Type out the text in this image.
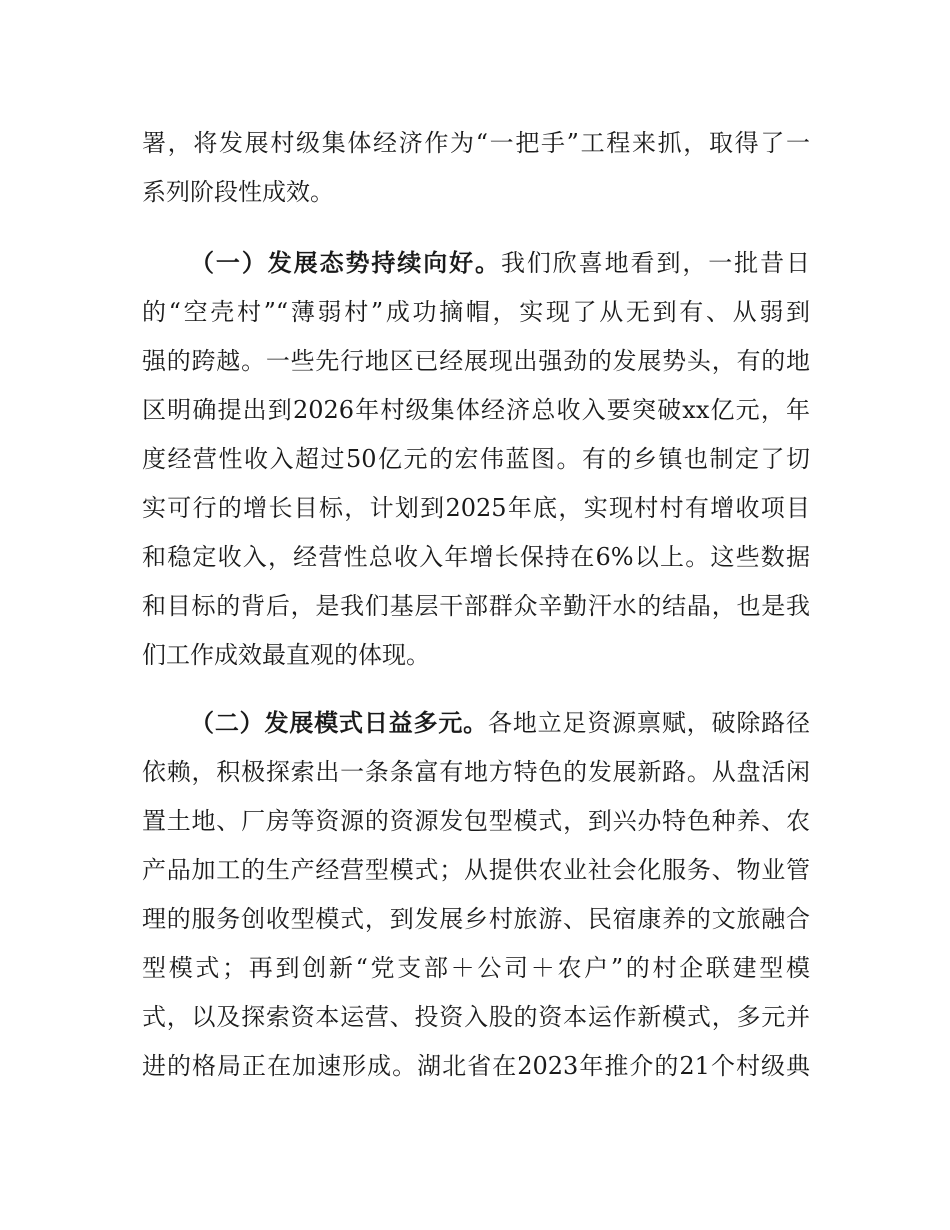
署，将发展村级集体经济作为“一把手”工程来抓，取得了一
系列阶段性成效。
（一）发展态势持续向好。我们欣喜地看到，一批昔日
的“空壳村”“薄弱村”成功摘帽，实现了从无到有、从弱到
强的跨越。一些先行地区已经展现出强劲的发展势头，有的地
区明确提出到2026年村级集体经济总收入要突破xx亿元，年
度经营性收入超过50亿元的宏伟蓝图。有的乡镇也制定了切
实可行的增长目标，计划到2025年底，实现村村有增收项目
和稳定收入，经营性总收入年增长保持在6%以上。这些数据
和目标的背后，是我们基层干部群众辛勤汗水的结晶，也是我
们工作成效最直观的体现。
（二）发展模式日益多元。各地立足资源禀赋，破除路径
依赖，积极探索出一条条富有地方特色的发展新路。从盘活闲
置土地、厂房等资源的资源发包型模式，到兴办特色种养、农
产品加工的生产经营型模式；从提供农业社会化服务、物业管
理的服务创收型模式，到发展乡村旅游、民宿康养的文旅融合
型模式；再到创新“党支部＋公司＋农户”的村企联建型模
式，以及探索资本运营、投资入股的资本运作新模式，多元并
进的格局正在加速形成。湖北省在2023年推介的21个村级典
